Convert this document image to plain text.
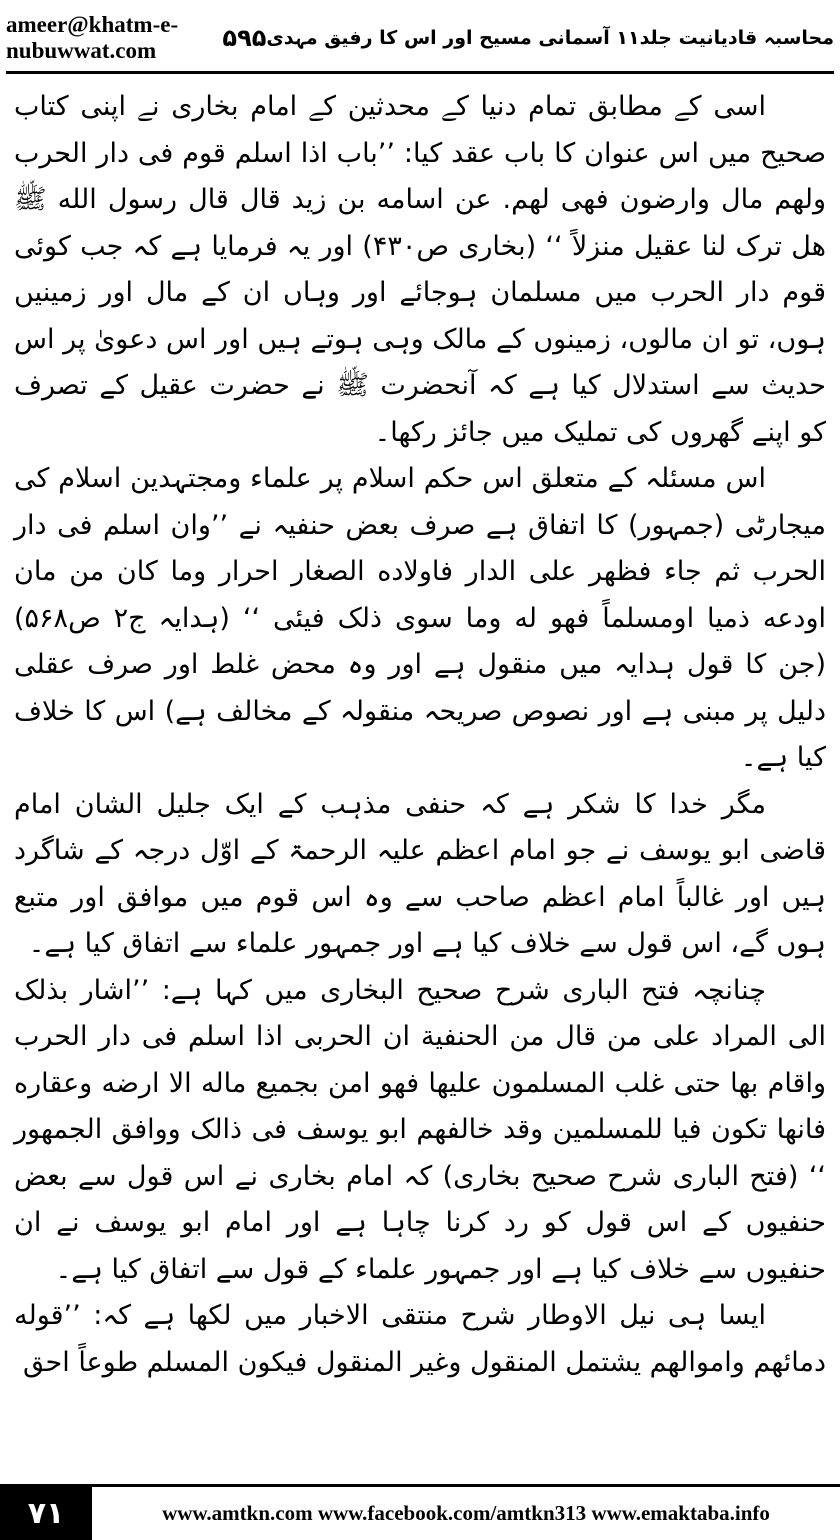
ameer@khatm-e-nubuwwat.com	۵۹۵ محاسبہ قادیانیت جلد۱۱ آسمانی مسیح اور اس کا رفیق مہدی

اسی کے مطابق تمام دنیا کے محدثین کے امام بخاری نے اپنی کتاب صحیح میں اس عنوان کا باب عقد کیا: ’’باب اذا اسلم قوم فی دار الحرب ولهم مال وارضون فهی لهم. عن اسامه بن زید قال قال رسول الله ﷺ هل ترک لنا عقیل منزلاً ‘‘ (بخاری ص۴۳۰) اور یہ فرمایا ہے کہ جب کوئی قوم دار الحرب میں مسلمان ہوجائے اور وہاں ان کے مال اور زمینیں ہوں، تو ان مالوں، زمینوں کے مالک وہی ہوتے ہیں اور اس دعویٰ پر اس حدیث سے استدلال کیا ہے کہ آنحضرت ﷺ نے حضرت عقیل کے تصرف کو اپنے گھروں کی تملیک میں جائز رکھا۔

اس مسئلہ کے متعلق اس حکم اسلام پر علماء ومجتہدین اسلام کی میجارٹی (جمہور) کا اتفاق ہے صرف بعض حنفیہ نے ’’وان اسلم فی دار الحرب ثم جاء فظهر علی الدار فاولاده الصغار احرار وما کان من مان اودعه ذمیا اومسلماً فهو له وما سوی ذلک فیئی ‘‘ (ہدایہ ج۲ ص۵۶۸) (جن کا قول ہدایہ میں منقول ہے اور وہ محض غلط اور صرف عقلی دلیل پر مبنی ہے اور نصوص صریحہ منقولہ کے مخالف ہے) اس کا خلاف کیا ہے۔

مگر خدا کا شکر ہے کہ حنفی مذہب کے ایک جلیل الشان امام قاضی ابو یوسف نے جو امام اعظم علیہ الرحمۃ کے اوّل درجہ کے شاگرد ہیں اور غالباً امام اعظم صاحب سے وہ اس قوم میں موافق اور متبع ہوں گے، اس قول سے خلاف کیا ہے اور جمہور علماء سے اتفاق کیا ہے۔

چنانچہ فتح الباری شرح صحیح البخاری میں کہا ہے: ’’اشار بذلک الی المراد علی من قال من الحنفية ان الحربی اذا اسلم فی دار الحرب واقام بها حتی غلب المسلمون علیها فهو امن بجمیع ماله الا ارضه وعقاره فانها تکون فیا للمسلمین وقد خالفهم ابو یوسف فی ذالک ووافق الجمهور ‘‘ (فتح الباری شرح صحیح بخاری) کہ امام بخاری نے اس قول سے بعض حنفیوں کے اس قول کو رد کرنا چاہا ہے اور امام ابو یوسف نے ان حنفیوں سے خلاف کیا ہے اور جمہور علماء کے قول سے اتفاق کیا ہے۔

ایسا ہی نیل الاوطار شرح منتقی الاخبار میں لکھا ہے کہ: ’’قوله دمائهم واموالهم یشتمل المنقول وغیر المنقول فیکون المسلم طوعاً احق

۷۱	www.amtkn.com www.facebook.com/amtkn313 www.emaktaba.info
